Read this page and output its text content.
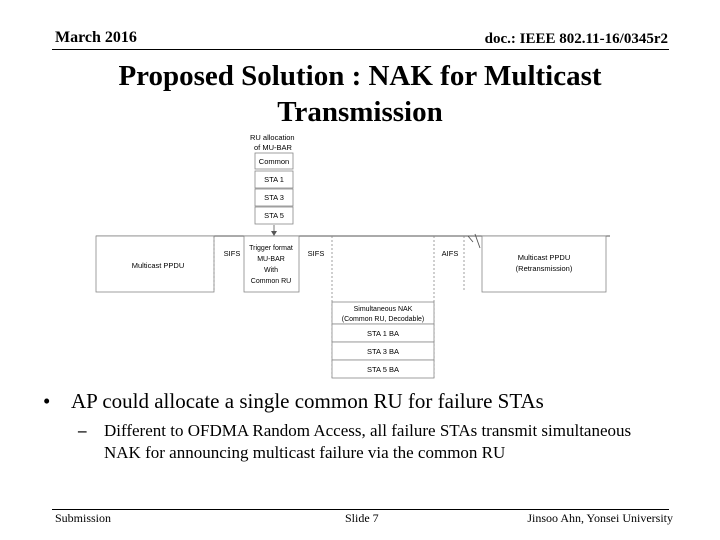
March 2016	doc.: IEEE 802.11-16/0345r2
Proposed Solution : NAK for Multicast
Transmission
RU allocation
of MU-BAR
Common
STA 1
STA 3
STA 5
Multicast PPDU
SIFS
Trigger format
MU-BAR
With
Common RU
SIFS	AIFS	Multicast PPDU
(Retransmission)
Simultaneous NAK
(Common RU, Decodable)
STA 1 BA
STA 3 BA
STA 5 BA
• AP could allocate a single common RU for failure STAs
–	Different to OFDMA Random Access, all failure STAs transmit simultaneous NAK for announcing multicast failure via the common RU
Submission	Slide 7	Jinsoo Ahn, Yonsei University
